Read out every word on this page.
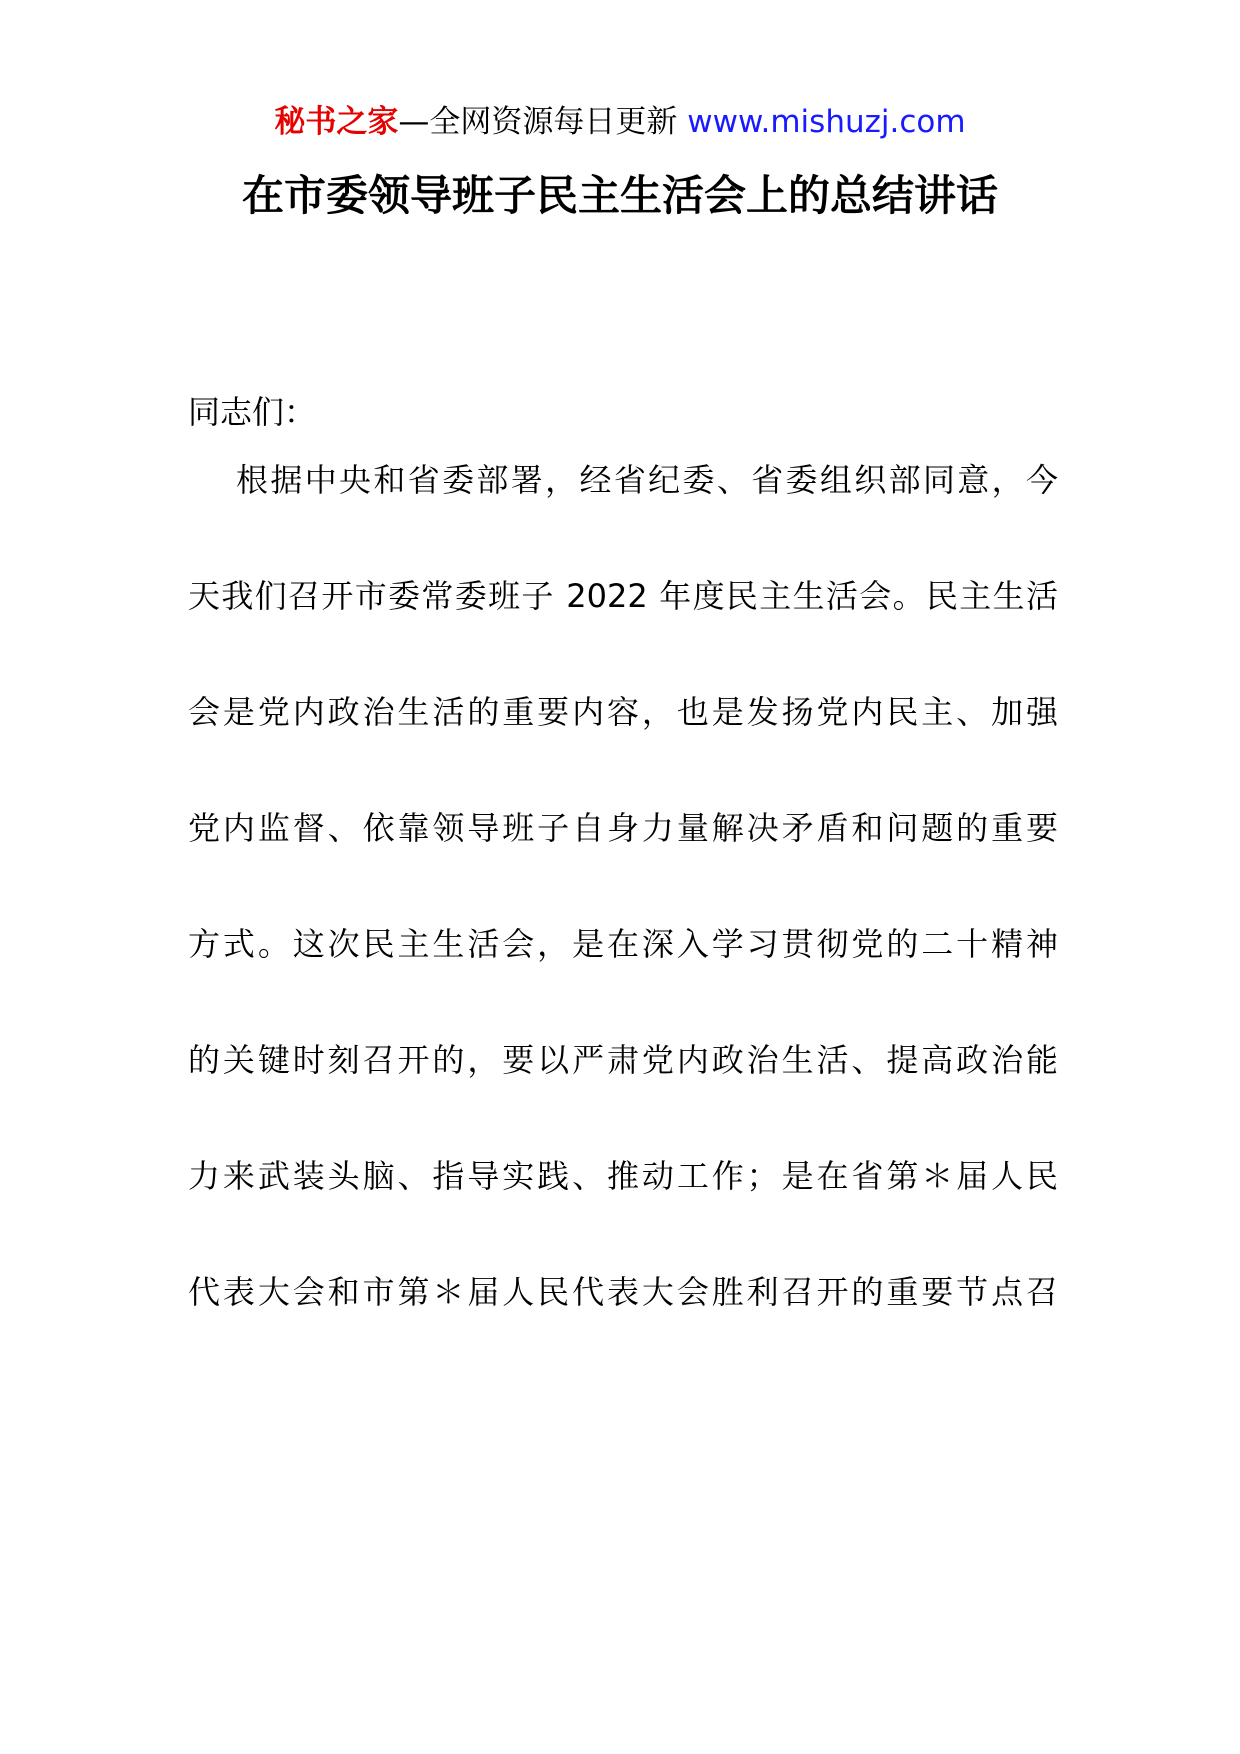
秘书之家—全网资源每日更新 www.mishuzj.com
在市委领导班子民主生活会上的总结讲话

同志们：

根据中央和省委部署，经省纪委、省委组织部同意，今

天我们召开市委常委班子 2022 年度民主生活会。民主生活

会是党内政治生活的重要内容，也是发扬党内民主、加强

党内监督、依靠领导班子自身力量解决矛盾和问题的重要

方式。这次民主生活会，是在深入学习贯彻党的二十精神

的关键时刻召开的，要以严肃党内政治生活、提高政治能

力来武装头脑、指导实践、推动工作；是在省第＊届人民

代表大会和市第＊届人民代表大会胜利召开的重要节点召
